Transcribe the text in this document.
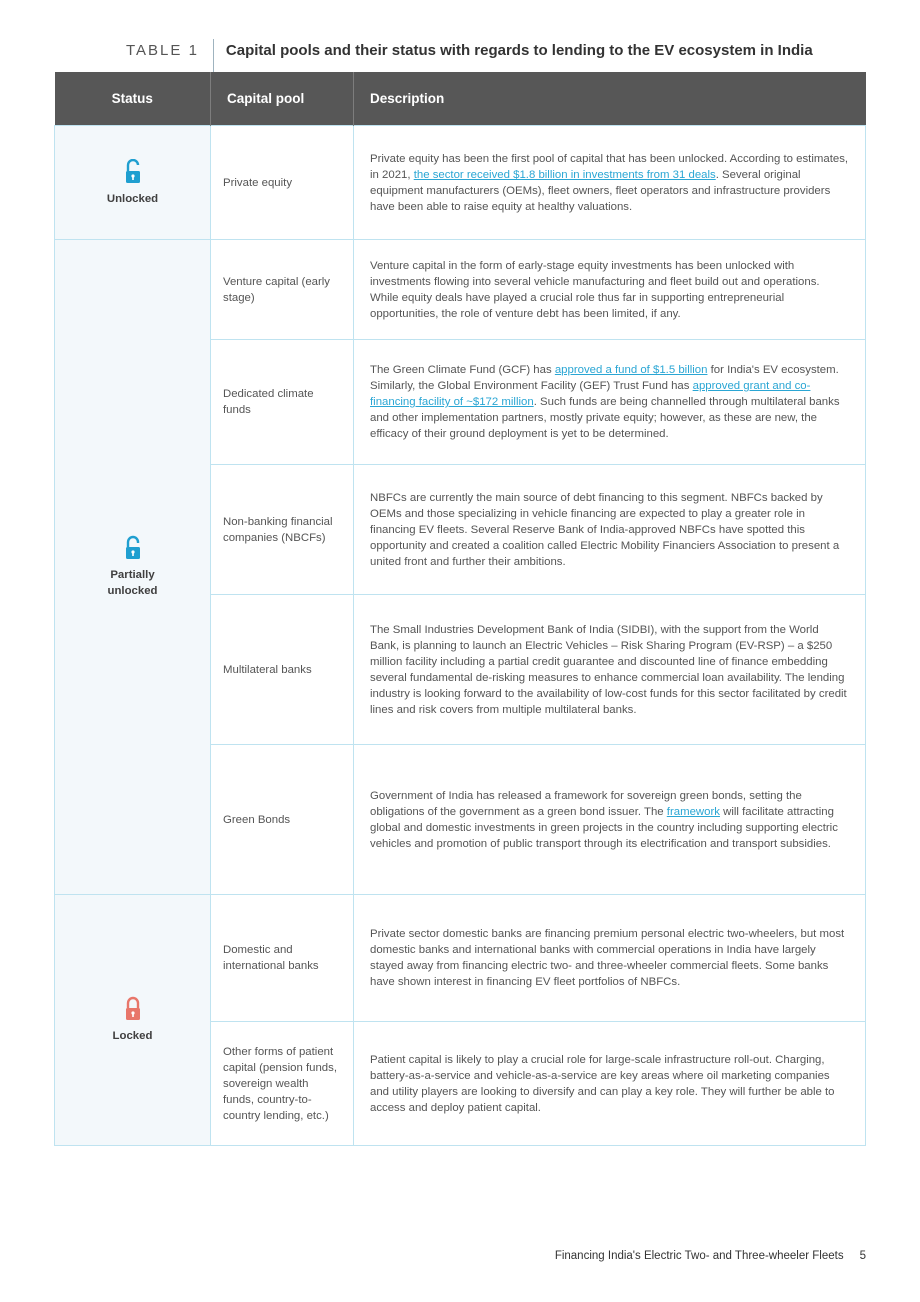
TABLE 1 Capital pools and their status with regards to lending to the EV ecosystem in India
Status	Capital pool	Description

Unlocked	Private equity	Private equity has been the first pool of capital that has been unlocked. According to estimates, in 2021, the sector received $1.8 billion in investments from 31 deals. Several original equipment manufacturers (OEMs), fleet owners, fleet operators and infrastructure providers have been able to raise equity at healthy valuations.

Partially
unlocked	Venture capital (early stage)	Venture capital in the form of early-stage equity investments has been unlocked with investments flowing into several vehicle manufacturing and fleet build out and operations. While equity deals have played a crucial role thus far in supporting entrepreneurial opportunities, the role of venture debt has been limited, if any.
	Dedicated climate funds	The Green Climate Fund (GCF) has approved a fund of $1.5 billion for India's EV ecosystem. Similarly, the Global Environment Facility (GEF) Trust Fund has approved grant and co-financing facility of ~$172 million. Such funds are being channelled through multilateral banks and other implementation partners, mostly private equity; however, as these are new, the efficacy of their ground deployment is yet to be determined.
	Non-banking financial companies (NBCFs)	NBFCs are currently the main source of debt financing to this segment. NBFCs backed by OEMs and those specializing in vehicle financing are expected to play a greater role in financing EV fleets. Several Reserve Bank of India-approved NBFCs have spotted this opportunity and created a coalition called Electric Mobility Financiers Association to present a united front and further their ambitions.
	Multilateral banks	The Small Industries Development Bank of India (SIDBI), with the support from the World Bank, is planning to launch an Electric Vehicles – Risk Sharing Program (EV-RSP) – a $250 million facility including a partial credit guarantee and discounted line of finance embedding several fundamental de-risking measures to enhance commercial loan availability. The lending industry is looking forward to the availability of low-cost funds for this sector facilitated by credit lines and risk covers from multiple multilateral banks.
	Green Bonds	Government of India has released a framework for sovereign green bonds, setting the obligations of the government as a green bond issuer. The framework will facilitate attracting global and domestic investments in green projects in the country including supporting electric vehicles and promotion of public transport through its electrification and transport subsidies.

Locked	Domestic and international banks	Private sector domestic banks are financing premium personal electric two-wheelers, but most domestic banks and international banks with commercial operations in India have largely stayed away from financing electric two- and three-wheeler commercial fleets. Some banks have shown interest in financing EV fleet portfolios of NBFCs.
	Other forms of patient capital (pension funds, sovereign wealth funds, country-to-country lending, etc.)	Patient capital is likely to play a crucial role for large-scale infrastructure roll-out. Charging, battery-as-a-service and vehicle-as-a-service are key areas where oil marketing companies and utility players are looking to diversify and can play a key role. They will further be able to access and deploy patient capital.
Financing India's Electric Two- and Three-wheeler Fleets 5
